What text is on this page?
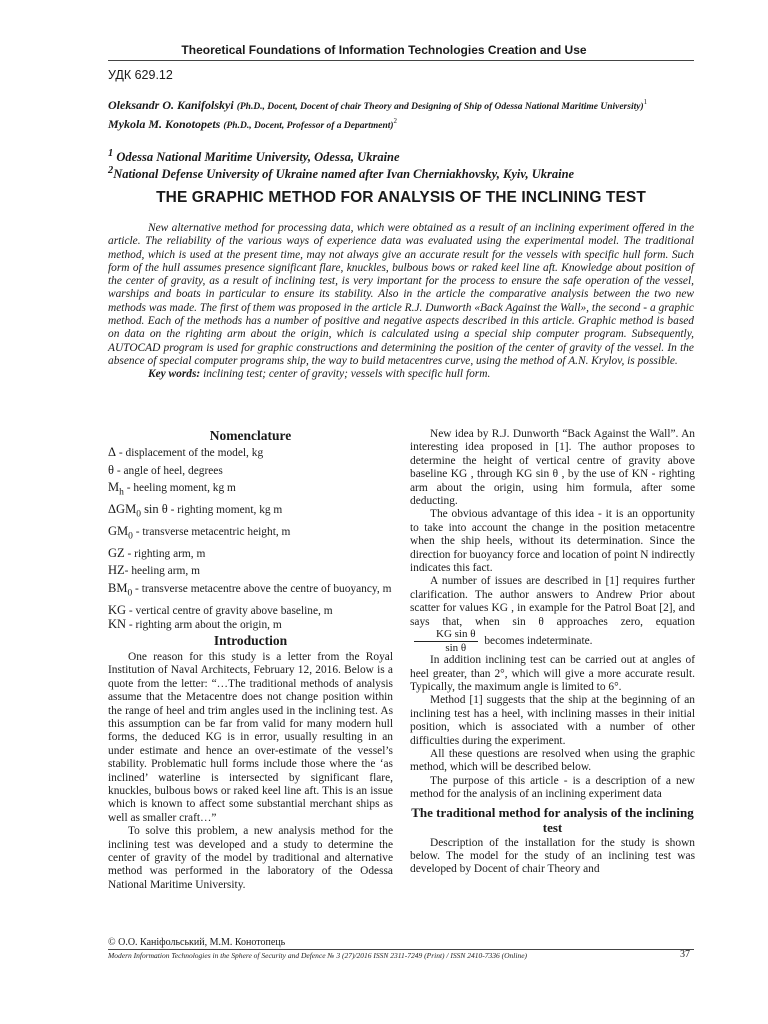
Theoretical Foundations of Information Technologies Creation and Use
УДК 629.12

Oleksandr O. Kanifolskyi (Ph.D., Docent, Docent of chair Theory and Designing of Ship of Odessa National Maritime University)$^1$

Mykola M. Konotopets (Ph.D., Docent, Professor of a Department)$^2$

$^1$ Odessa National Maritime University, Odessa, Ukraine

$^2$National Defense University of Ukraine named after Ivan Cherniakhovsky, Kyiv, Ukraine

THE GRAPHIC METHOD FOR ANALYSIS OF THE INCLINING TEST

New alternative method for processing data, which were obtained as a result of an inclining experiment offered in the article. The reliability of the various ways of experience data was evaluated using the experimental model. The traditional method, which is used at the present time, may not always give an accurate result for the vessels with specific hull form. Such form of the hull assumes presence significant flare, knuckles, bulbous bows or raked keel line aft. Knowledge about position of the center of gravity, as a result of inclining test, is very important for the process to ensure the safe operation of the vessel, warships and boats in particular to ensure its stability. Also in the article the comparative analysis between the two new methods was made. The first of them was proposed in the article R.J. Dunworth «Back Against the Wall», the second - a graphic method. Each of the methods has a number of positive and negative aspects described in this article. Graphic method is based on data on the righting arm about the origin, which is calculated using a special ship computer program. Subsequently, AUTOCAD program is used for graphic constructions and determining the position of the center of gravity of the vessel. In the absence of special computer programs ship, the way to build metacentres curve, using the method of A.N. Krylov, is possible.

Key words: inclining test; center of gravity; vessels with specific hull form.

Nomenclature
Δ - displacement of the model, kg
θ - angle of heel, degrees
$M_h$ - heeling moment, kg m
$\Delta GM_0$ sin θ - righting moment, kg m
$GM_0$ - transverse metacentric height, m
GZ - righting arm, m
HZ- heeling arm, m
$BM_0$ - transverse metacentre above the centre of buoyancy, m
KG - vertical centre of gravity above baseline, m
KN - righting arm about the origin, m
Introduction

One reason for this study is a letter from the Royal Institution of Naval Architects, February 12, 2016. Below is a quote from the letter: “…The traditional methods of analysis assume that the Metacentre does not change position within the range of heel and trim angles used in the inclining test. As this assumption can be far from valid for many modern hull forms, the deduced KG is in error, usually resulting in an under estimate and hence an over-estimate of the vessel’s stability. Problematic hull forms include those where the ‘as inclined’ waterline is intersected by significant flare, knuckles, bulbous bows or raked keel line aft. This is an issue which is known to affect some substantial merchant ships as well as smaller craft…”

To solve this problem, a new analysis method for the inclining test was developed and a study to determine the center of gravity of the model by traditional and alternative method was performed in the laboratory of the Odessa National Maritime University.

New idea by R.J. Dunworth “Back Against the Wall”. An interesting idea proposed in [1]. The author proposes to determine the height of vertical centre of gravity above baseline KG , through KG sin θ , by the use of KN - righting arm about the origin, using him formula, after some deducting.

The obvious advantage of this idea - it is an opportunity to take into account the change in the position metacentre when the ship heels, without its determination. Since the direction for buoyancy force and location of point N indirectly indicates this fact.

A number of issues are described in [1] requires further clarification. The author answers to Andrew Prior about scatter for values KG , in example for the Patrol Boat [2], and says that, when sin θ approaches zero, equation
$\frac{\text{KG sin θ}}{\text{sin θ}}$ becomes indeterminate.

In addition inclining test can be carried out at angles of heel greater, than 2°, which will give a more accurate result. Typically, the maximum angle is limited to 6°.

Method [1] suggests that the ship at the beginning of an inclining test has a heel, with inclining masses in their initial position, which is associated with a number of other difficulties during the experiment.

All these questions are resolved when using the graphic method, which will be described below.

The purpose of this article - is a description of a new method for the analysis of an inclining experiment data

The traditional method for analysis of the inclining test

Description of the installation for the study is shown below. The model for the study of an inclining test was developed by Docent of chair Theory and

© О.О. Каніфольський, М.М. Конотопець
Modern Information Technologies in the Sphere of Security and Defence № 3 (27)/2016 ISSN 2311-7249 (Print) / ISSN 2410-7336 (Online)	37
